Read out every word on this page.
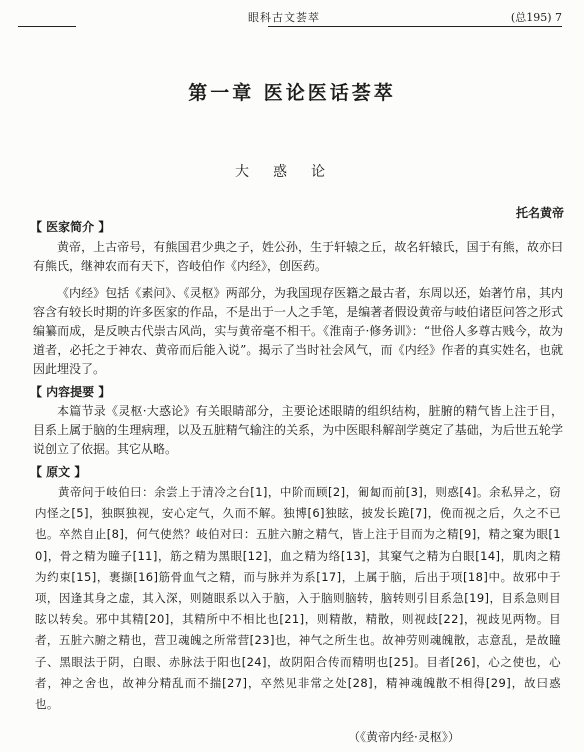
眼科古文荟萃	(总195) 7
第一章 医论医话荟萃
大惑论
托名黄帝
【 医家简介 】

黄帝，上古帝号，有熊国君少典之子，姓公孙，生于轩辕之丘，故名轩辕氏，国于有熊，故亦曰有熊氏，继神农而有天下，咨岐伯作《内经》，创医药。

《内经》包括《素问》、《灵枢》两部分，为我国现存医籍之最古者，东周以还，始著竹帛，其内容含有较长时期的许多医家的作品，不是出于一人之手笔，是编著者假设黄帝与岐伯诸臣问答之形式编纂而成，是反映古代崇古风尚，实与黄帝毫不相干。《淮南子·修务训》：“世俗人多尊古贱今，故为道者，必托之于神农、黄帝而后能入说”。揭示了当时社会风气，而《内经》作者的真实姓名，也就因此埋没了。

【 内容提要 】

本篇节录《灵枢·大惑论》有关眼睛部分，主要论述眼睛的组织结构，脏腑的精气皆上注于目，目系上属于脑的生理病理，以及五脏精气输注的关系，为中医眼科解剖学奠定了基础，为后世五轮学说创立了依据。其它从略。

【 原文 】

黄帝问于岐伯曰：余尝上于清冷之台[1]，中阶而顾[2]，匍匐而前[3]，则惑[4]。余私异之，窃内怪之[5]，独瞑独视，安心定气，久而不解。独博[6]独眩，披发长跪[7]，俛而视之后，久之不已也。卒然自止[8]，何气使然？岐伯对曰：五脏六腑之精气，皆上注于目而为之精[9]，精之窠为眼[10]，骨之精为瞳子[11]，筋之精为黑眼[12]，血之精为络[13]，其窠气之精为白眼[14]，肌肉之精为约束[15]，裹撷[16]筋骨血气之精，而与脉并为系[17]，上属于脑，后出于项[18]中。故邪中于项，因逢其身之虚，其入深，则随眼系以入于脑，入于脑则脑转，脑转则引目系急[19]，目系急则目眩以转矣。邪中其精[20]，其精所中不相比也[21]，则精散，精散，则视歧[22]，视歧见两物。目者，五脏六腑之精也，营卫魂魄之所常营[23]也，神气之所生也。故神劳则魂魄散，志意乱，是故瞳子、黑眼法于阴，白眼、赤脉法于阳也[24]，故阴阳合传而精明也[25]。目者[26]，心之使也，心者，神之舍也，故神分精乱而不揣[27]，卒然见非常之处[28]，精神魂魄散不相得[29]，故曰惑也。

（《黄帝内经·灵枢》）
